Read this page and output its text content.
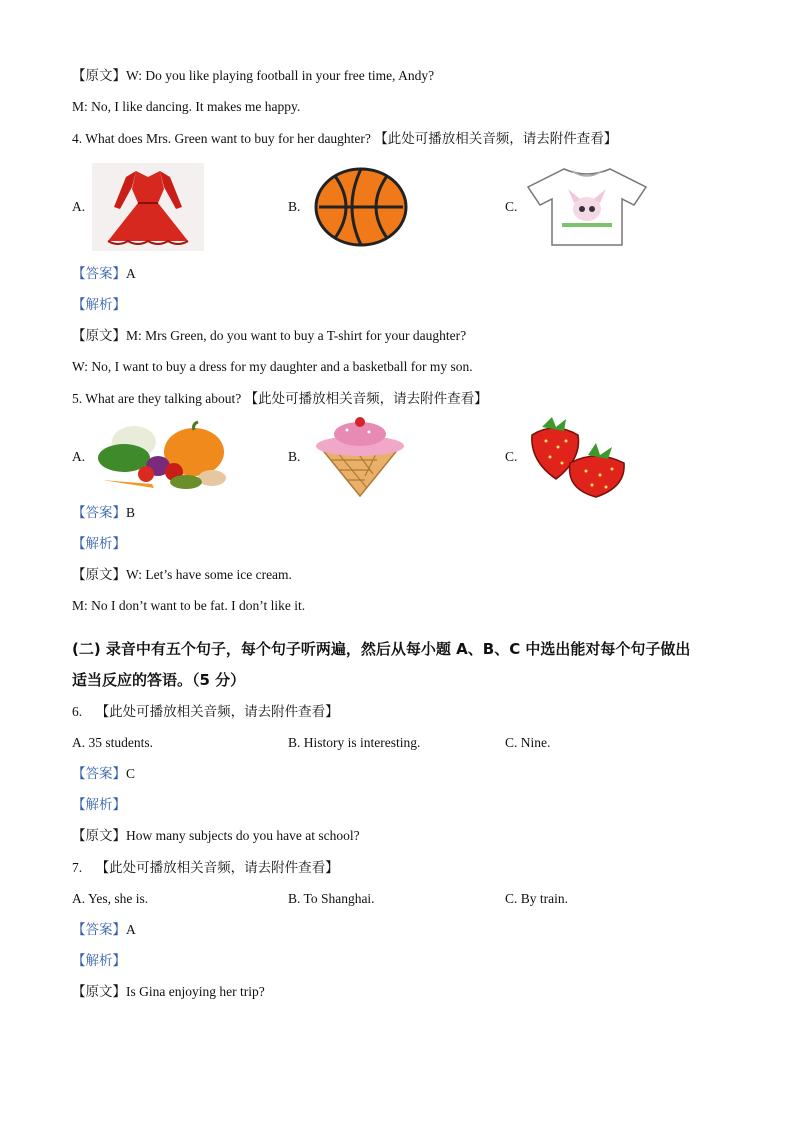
【原文】W: Do you like playing football in your free time, Andy?
M: No, I like dancing. It makes me happy.
4. What does Mrs. Green want to buy for her daughter? 【此处可播放相关音频，请去附件查看】
A.	B.	C.
【答案】A
【解析】
【原文】M: Mrs Green, do you want to buy a T-shirt for your daughter?
W: No, I want to buy a dress for my daughter and a basketball for my son.
5. What are they talking about? 【此处可播放相关音频，请去附件查看】
A.	B.	C.
【答案】B
【解析】
【原文】W: Let’s have some ice cream.
M: No I don’t want to be fat. I don’t like it.
(二) 录音中有五个句子，每个句子听两遍，然后从每小题 A、B、C 中选出能对每个句子做出
适当反应的答语。（5 分）
6. 【此处可播放相关音频，请去附件查看】
A. 35 students.	B. History is interesting.	C. Nine.
【答案】C
【解析】
【原文】How many subjects do you have at school?
7. 【此处可播放相关音频，请去附件查看】
A. Yes, she is.	B. To Shanghai.	C. By train.
【答案】A
【解析】
【原文】Is Gina enjoying her trip?
